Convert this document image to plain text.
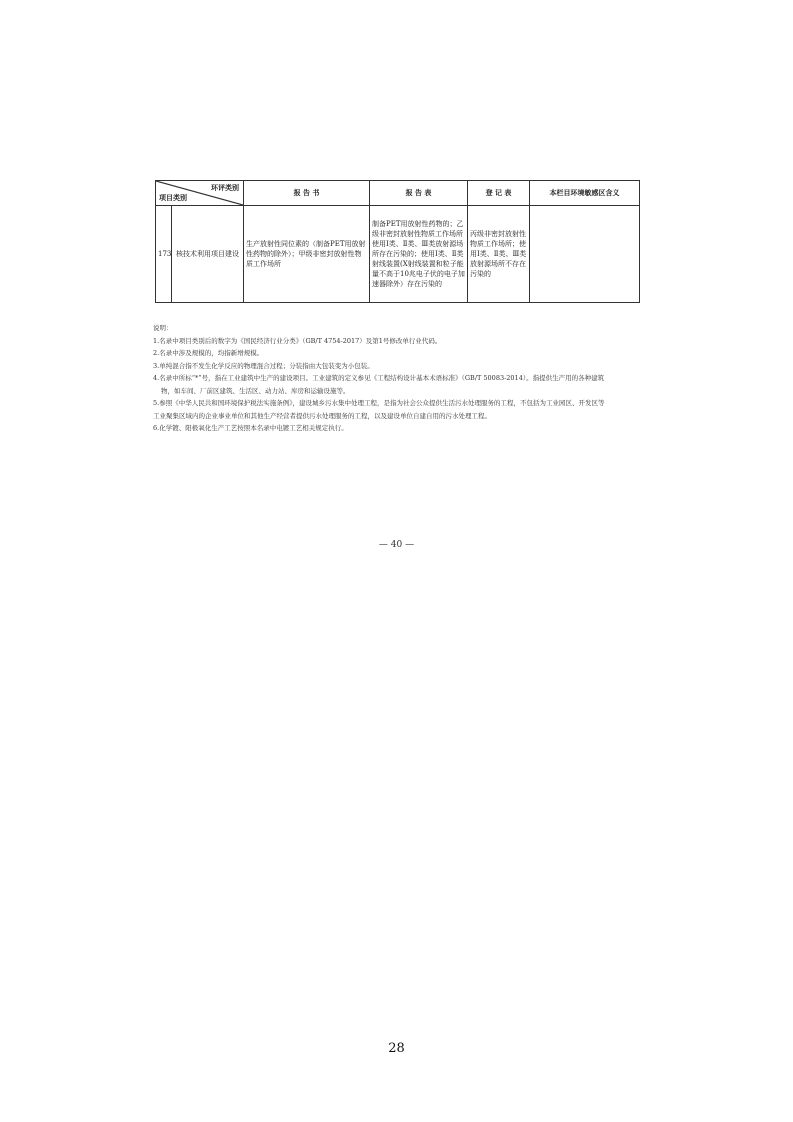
环评类别
项目类别		报 告 书	报 告 表	登 记 表	本栏目环境敏感区含义
173	核技术利用项目建设	生产放射性同位素的（制备PET用放射性药物的除外）；甲级非密封放射性物质工作场所	制备PET用放射性药物的；乙级非密封放射性物质工作场所使用Ⅰ类、Ⅱ类、Ⅲ类放射源场所存在污染的；使用Ⅰ类、Ⅱ类射线装置(X射线装置和粒子能量不高于10兆电子伏的电子加速器除外）存在污染的	丙级非密封放射性物质工作场所；使用Ⅰ类、Ⅱ类、Ⅲ类放射源场所不存在污染的	
说明：
1.名录中项目类别后的数字为《国民经济行业分类》（GB/T 4754-2017）及第1号修改单行业代码。
2.名录中涉及规模的，均指新增规模。
3.单纯混合指不发生化学反应的物理混合过程；分装指由大包装变为小包装。
4.名录中所标“*”号，指在工业建筑中生产的建设项目。工业建筑的定义参见《工程结构设计基本术语标准》（GB/T 50083-2014）。指提供生产用的各种建筑
物，如车间、厂前区建筑、生活区、动力站、库房和运输设施等。
5.参照《中华人民共和国环境保护税法实施条例》，建设城乡污水集中处理工程，是指为社会公众提供生活污水处理服务的工程，不包括为工业园区、开发区等
工业聚集区域内的企业事业单位和其他生产经营者提供污水处理服务的工程，以及建设单位自建自用的污水处理工程。
6.化学镀、阳极氧化生产工艺按照本名录中电镀工艺相关规定执行。
— 40 —
28
